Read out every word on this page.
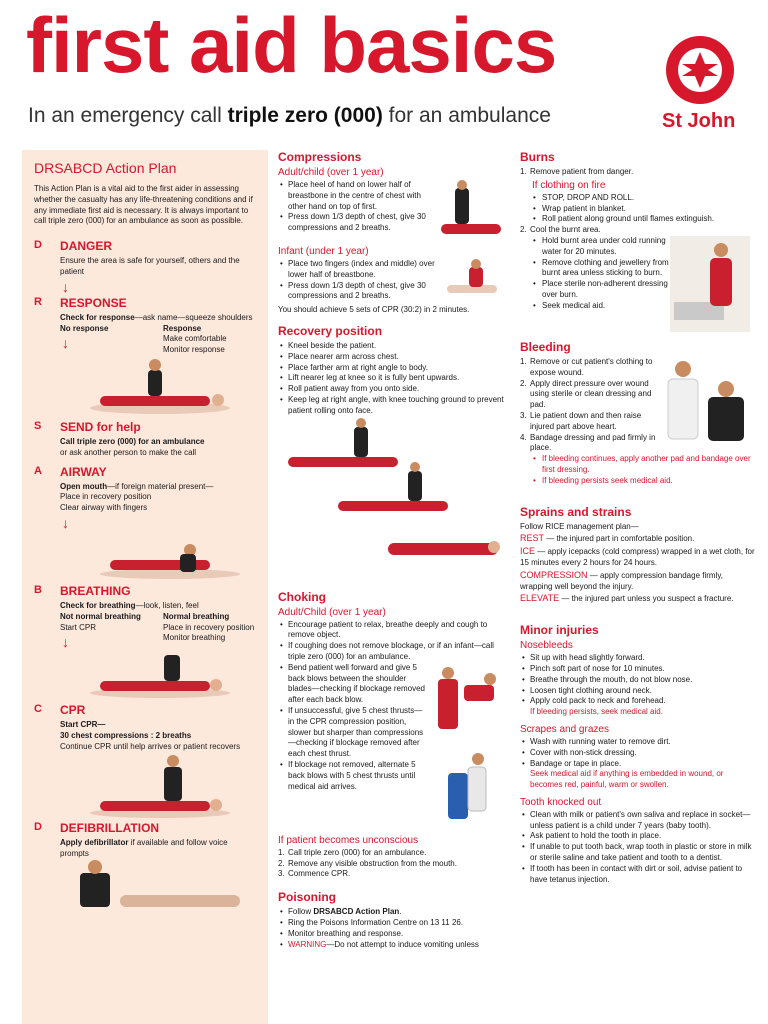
first aid basics
In an emergency call triple zero (000) for an ambulance	St John
DRSABCD Action Plan

This Action Plan is a vital aid to the first aider in assessing whether the casualty has any life-threatening conditions and if any immediate first aid is necessary. It is always important to call triple zero (000) for an ambulance as soon as possible.

D DANGER

Ensure the area is safe for yourself, others and the patient

↓
R RESPONSE

Check for response—ask name—squeeze shoulders

No response

↓

Response

Make comfortable

Monitor response

S SEND for help

Call triple zero (000) for an ambulance

or ask another person to make the call

A AIRWAY

Open mouth—if foreign material present—

Place in recovery position

Clear airway with fingers

↓
B BREATHING

Check for breathing—look, listen, feel

Not normal breathing

Start CPR

↓

Normal breathing

Place in recovery position

Monitor breathing

C CPR

Start CPR—

30 chest compressions : 2 breaths

Continue CPR until help arrives or patient recovers

D DEFIBRILLATION

Apply defibrillator if available and follow voice prompts

Compressions
Adult/child (over 1 year)
• Place heel of hand on lower half of breastbone in the centre of chest with other hand on top of first.
• Press down 1/3 depth of chest, give 30 compressions and 2 breaths.
Infant (under 1 year)
• Place two fingers (index and middle) over lower half of breastbone.
• Press down 1/3 depth of chest, give 30 compressions and 2 breaths.

You should achieve 5 sets of CPR (30:2) in 2 minutes.

Recovery position
• Kneel beside the patient.
• Place nearer arm across chest.
• Place farther arm at right angle to body.
• Lift nearer leg at knee so it is fully bent upwards.
• Roll patient away from you onto side.
• Keep leg at right angle, with knee touching ground to prevent patient rolling onto face.
Choking
Adult/Child (over 1 year)
• Encourage patient to relax, breathe deeply and cough to remove object.
• If coughing does not remove blockage, or if an infant—call triple zero (000) for an ambulance.
• Bend patient well forward and give 5 back blows between the shoulder blades—checking if blockage removed after each back blow.
• If unsuccessful, give 5 chest thrusts—in the CPR compression position, slower but sharper than compressions—checking if blockage removed after each chest thrust.
• If blockage not removed, alternate 5 back blows with 5 chest thrusts until medical aid arrives.
If patient becomes unconscious
1. Call triple zero (000) for an ambulance.
2. Remove any visible obstruction from the mouth.
3. Commence CPR.
Poisoning
• Follow DRSABCD Action Plan.
• Ring the Poisons Information Centre on 13 11 26.
• Monitor breathing and response.
• WARNING—Do not attempt to induce vomiting unless
Burns
1. Remove patient from danger.
If clothing on fire
• STOP, DROP AND ROLL.
• Wrap patient in blanket.
• Roll patient along ground until flames extinguish.
2. Cool the burnt area.
• Hold burnt area under cold running water for 20 minutes.
• Remove clothing and jewellery from burnt area unless sticking to burn.
• Place sterile non-adherent dressing over burn.
• Seek medical aid.
Bleeding
1. Remove or cut patient's clothing to expose wound.
2. Apply direct pressure over wound using sterile or clean dressing and pad.
3. Lie patient down and then raise injured part above heart.
4. Bandage dressing and pad firmly in place.
• If bleeding continues, apply another pad and bandage over first dressing.
• If bleeding persists seek medical aid.
Sprains and strains

Follow RICE management plan—

REST — the injured part in comfortable position.

ICE — apply icepacks (cold compress) wrapped in a wet cloth, for 15 minutes every 2 hours for 24 hours.

COMPRESSION — apply compression bandage firmly, wrapping well beyond the injury.

ELEVATE — the injured part unless you suspect a fracture.

Minor injuries
Nosebleeds
• Sit up with head slightly forward.
• Pinch soft part of nose for 10 minutes.
• Breathe through the mouth, do not blow nose.
• Loosen tight clothing around neck.
• Apply cold pack to neck and forehead.

If bleeding persists, seek medical aid.

Scrapes and grazes
• Wash with running water to remove dirt.
• Cover with non-stick dressing.
• Bandage or tape in place.

Seek medical aid if anything is embedded in wound, or becomes red, painful, warm or swollen.

Tooth knocked out
• Clean with milk or patient's own saliva and replace in socket—unless patient is a child under 7 years (baby tooth).
• Ask patient to hold the tooth in place.
• If unable to put tooth back, wrap tooth in plastic or store in milk or sterile saline and take patient and tooth to a dentist.
• If tooth has been in contact with dirt or soil, advise patient to have tetanus injection.
